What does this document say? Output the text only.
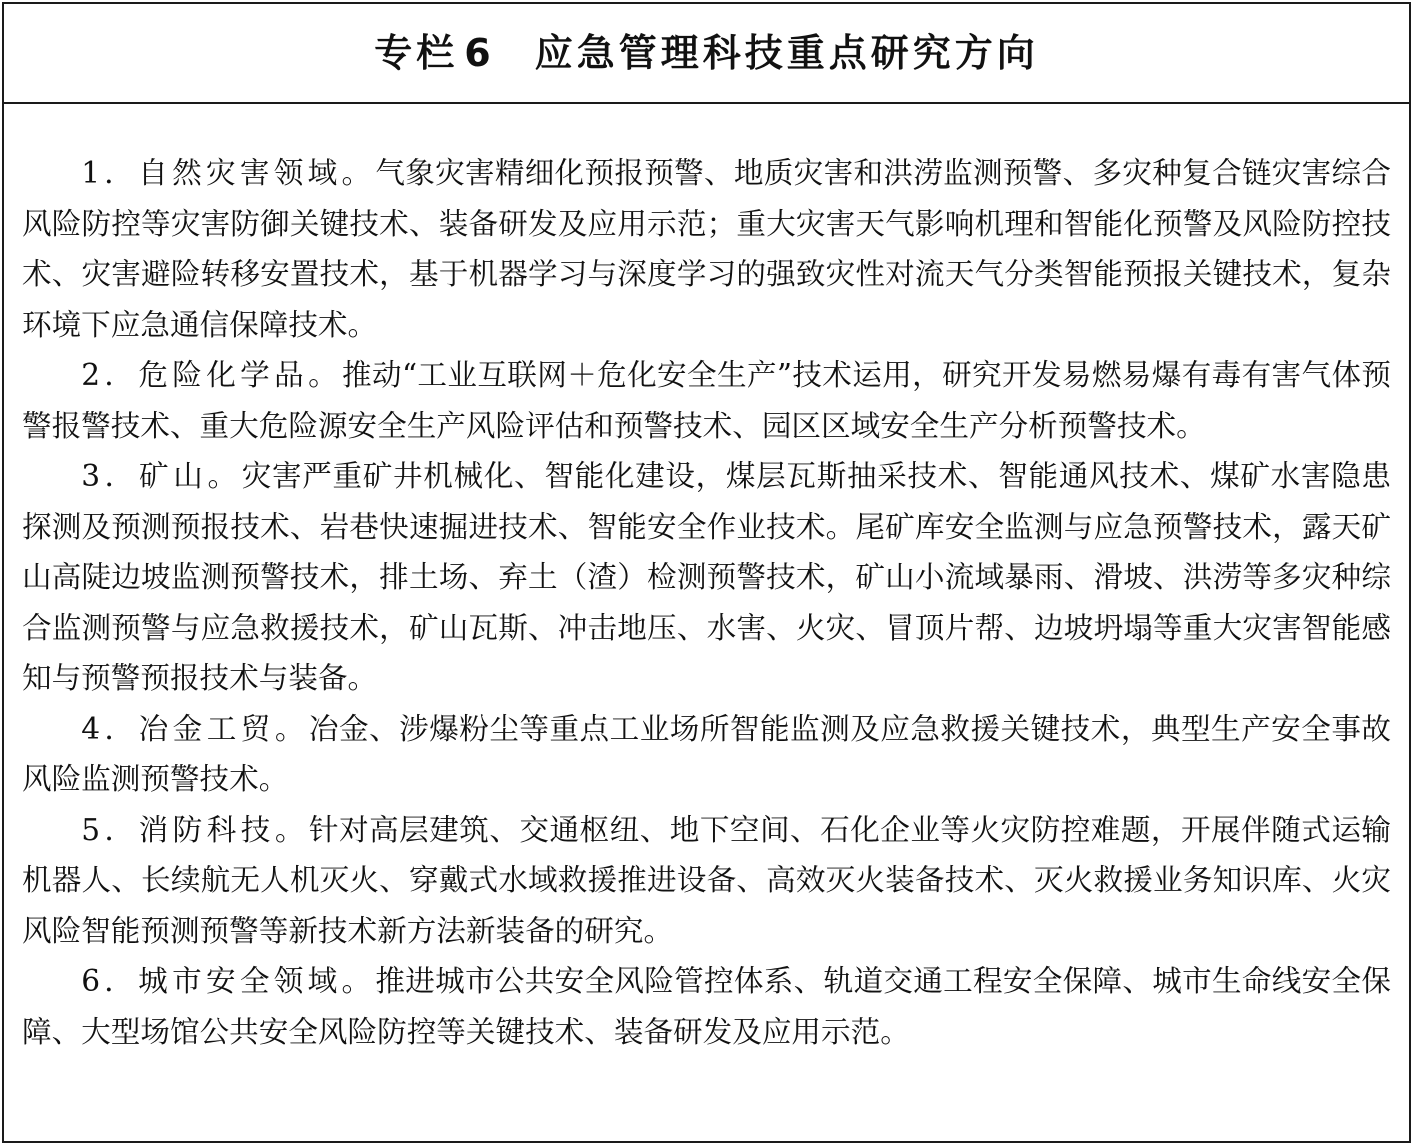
专栏 6 应急管理科技重点研究方向

1．自然灾害领域。气象灾害精细化预报预警、地质灾害和洪涝监测预警、多灾种复合链灾害综合风险防控等灾害防御关键技术、装备研发及应用示范；重大灾害天气影响机理和智能化预警及风险防控技术、灾害避险转移安置技术，基于机器学习与深度学习的强致灾性对流天气分类智能预报关键技术，复杂环境下应急通信保障技术。

2．危险化学品。推动“工业互联网＋危化安全生产”技术运用，研究开发易燃易爆有毒有害气体预警报警技术、重大危险源安全生产风险评估和预警技术、园区区域安全生产分析预警技术。

3．矿山。灾害严重矿井机械化、智能化建设，煤层瓦斯抽采技术、智能通风技术、煤矿水害隐患探测及预测预报技术、岩巷快速掘进技术、智能安全作业技术。尾矿库安全监测与应急预警技术，露天矿山高陡边坡监测预警技术，排土场、弃土（渣）检测预警技术，矿山小流域暴雨、滑坡、洪涝等多灾种综合监测预警与应急救援技术，矿山瓦斯、冲击地压、水害、火灾、冒顶片帮、边坡坍塌等重大灾害智能感知与预警预报技术与装备。

4．冶金工贸。冶金、涉爆粉尘等重点工业场所智能监测及应急救援关键技术，典型生产安全事故风险监测预警技术。

5．消防科技。针对高层建筑、交通枢纽、地下空间、石化企业等火灾防控难题，开展伴随式运输机器人、长续航无人机灭火、穿戴式水域救援推进设备、高效灭火装备技术、灭火救援业务知识库、火灾风险智能预测预警等新技术新方法新装备的研究。

6．城市安全领域。推进城市公共安全风险管控体系、轨道交通工程安全保障、城市生命线安全保障、大型场馆公共安全风险防控等关键技术、装备研发及应用示范。
